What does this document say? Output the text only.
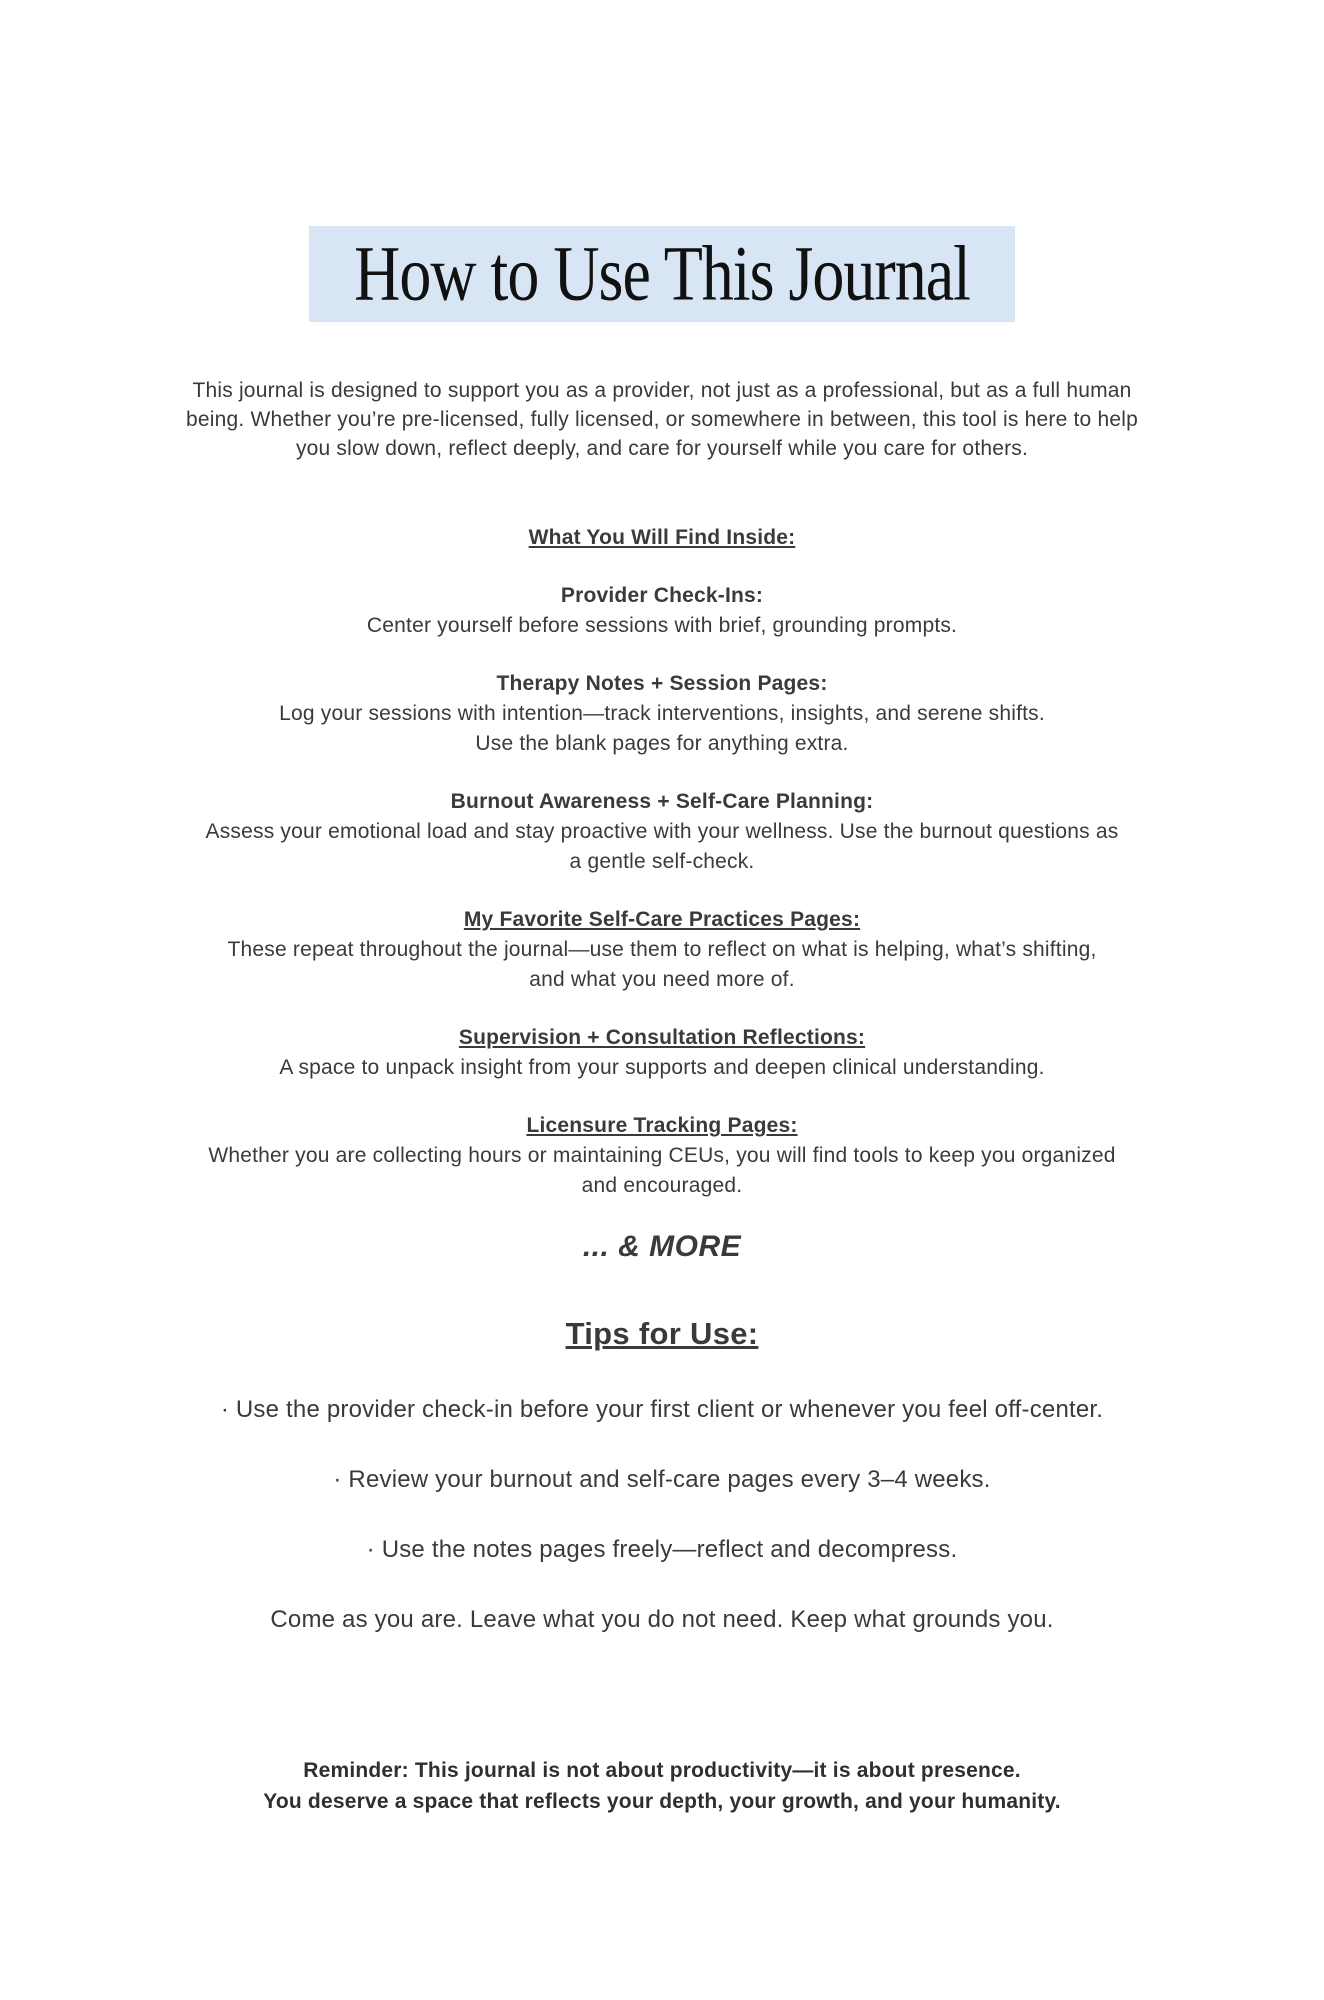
How to Use This Journal
This journal is designed to support you as a provider, not just as a professional, but as a full human
being. Whether you’re pre-licensed, fully licensed, or somewhere in between, this tool is here to help
you slow down, reflect deeply, and care for yourself while you care for others.
What You Will Find Inside:
Provider Check-Ins:
Center yourself before sessions with brief, grounding prompts.
Therapy Notes + Session Pages:
Log your sessions with intention—track interventions, insights, and serene shifts.
Use the blank pages for anything extra.
Burnout Awareness + Self-Care Planning:
Assess your emotional load and stay proactive with your wellness. Use the burnout questions as
a gentle self-check.
My Favorite Self-Care Practices Pages:
These repeat throughout the journal—use them to reflect on what is helping, what’s shifting,
and what you need more of.
Supervision + Consultation Reflections:
A space to unpack insight from your supports and deepen clinical understanding.
Licensure Tracking Pages:
Whether you are collecting hours or maintaining CEUs, you will find tools to keep you organized
and encouraged.
... & MORE
Tips for Use:
· Use the provider check-in before your first client or whenever you feel off-center.
· Review your burnout and self-care pages every 3–4 weeks.
· Use the notes pages freely—reflect and decompress.
Come as you are. Leave what you do not need. Keep what grounds you.
Reminder: This journal is not about productivity—it is about presence.
You deserve a space that reflects your depth, your growth, and your humanity.
